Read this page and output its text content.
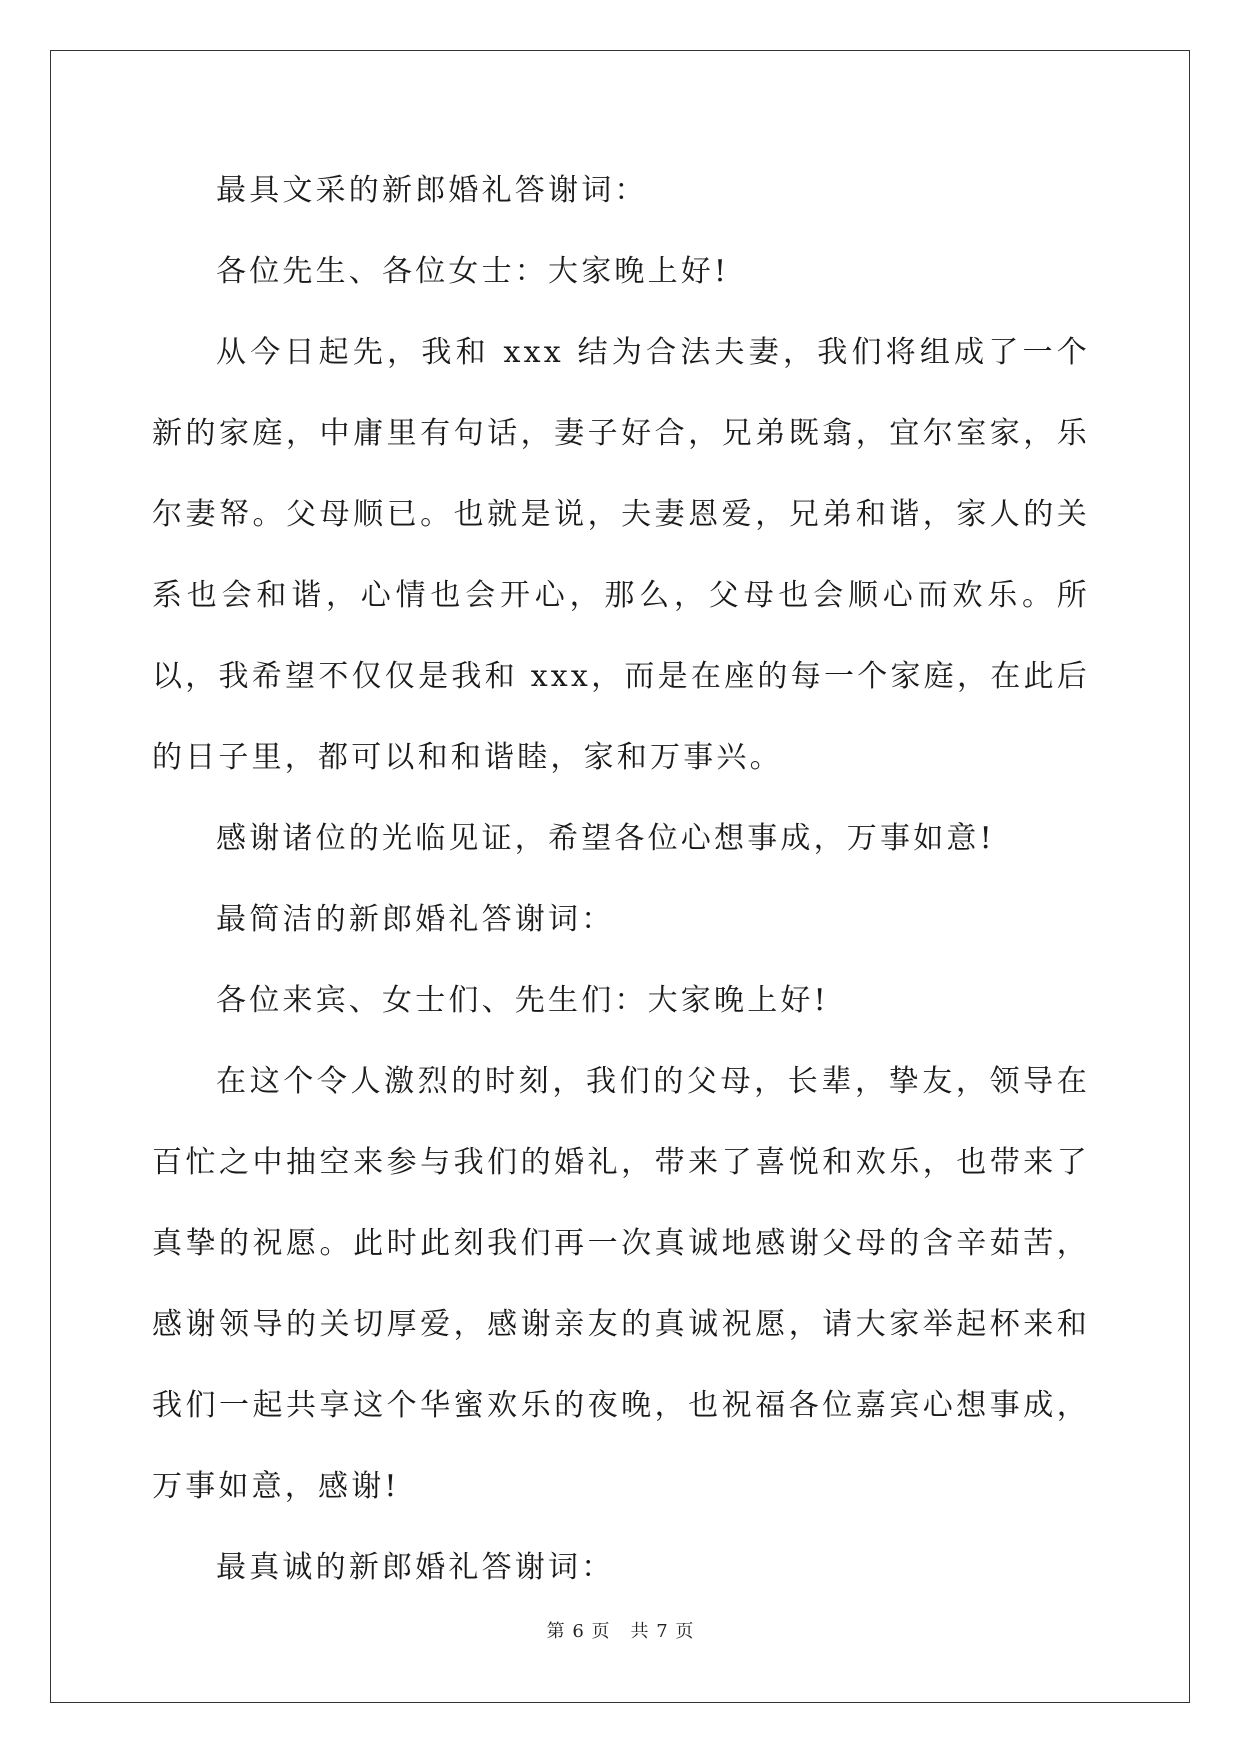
最具文采的新郎婚礼答谢词：

各位先生、各位女士：大家晚上好!

从今日起先，我和 xxx 结为合法夫妻，我们将组成了一个新的家庭，中庸里有句话，妻子好合，兄弟既翕，宜尔室家，乐尔妻帑。父母顺已。也就是说，夫妻恩爱，兄弟和谐，家人的关系也会和谐，心情也会开心，那么，父母也会顺心而欢乐。所以，我希望不仅仅是我和 xxx，而是在座的每一个家庭，在此后的日子里，都可以和和谐睦，家和万事兴。

感谢诸位的光临见证，希望各位心想事成，万事如意!

最简洁的新郎婚礼答谢词：

各位来宾、女士们、先生们：大家晚上好!

在这个令人激烈的时刻，我们的父母，长辈，挚友，领导在百忙之中抽空来参与我们的婚礼，带来了喜悦和欢乐，也带来了真挚的祝愿。此时此刻我们再一次真诚地感谢父母的含辛茹苦，感谢领导的关切厚爱，感谢亲友的真诚祝愿，请大家举起杯来和我们一起共享这个华蜜欢乐的夜晚，也祝福各位嘉宾心想事成，万事如意，感谢!

最真诚的新郎婚礼答谢词：

第 6 页 共 7 页
